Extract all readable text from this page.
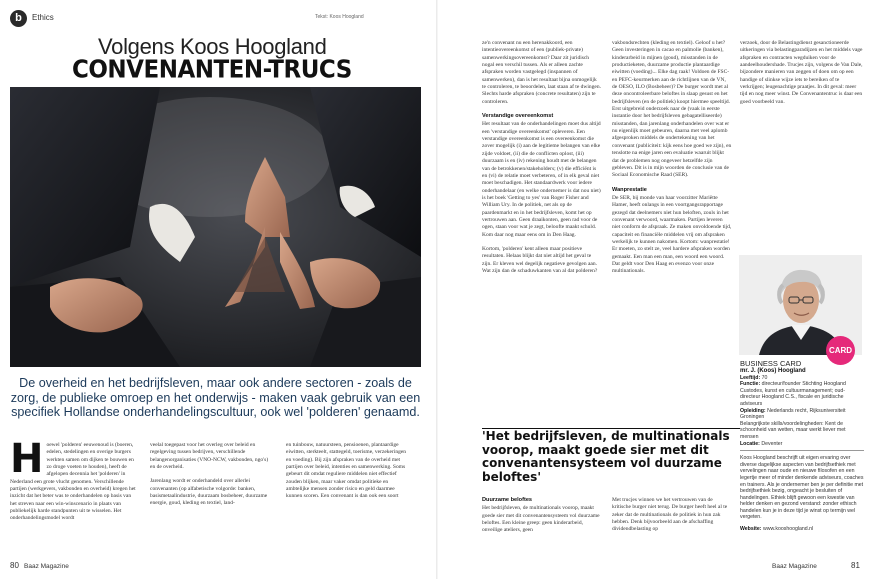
b	Ethics	Tekst: Koos Hoogland
Volgens Koos Hoogland
CONVENANTEN-TRUCS
De overheid en het bedrijfsleven, maar ook andere sectoren - zoals de zorg, de publieke omroep en het onderwijs - maken vaak gebruik van een specifiek Hollandse onderhandelingscultuur, ook wel 'polderen' genaamd.
H oewel 'polderen' eeuwenoud is (boeren, edelen, stedelingen en overige burgers werkten samen om dijken te bouwen en zo droge voeten te houden), heeft de afgelopen decennia het 'polderen' in Nederland een grote vlucht genomen. Verschillende partijen (werkgevers, vakbonden en overheid) kregen het inzicht dat het beter was te onderhandelen op basis van het streven naar een win-winscenario in plaats van publiekelijk harde standpunten uit te wisselen. Het onderhandelingsmodel wordt

veelal toegepast voor het overleg over beleid en regelgeving tussen bedrijven, verschillende belangenorganisaties (VNO-NCW, vakbonden, ngo's) en de overheid.

Jarenlang wordt er onderhandeld over allerlei convenanten (op alfabetische volgorde: banken, basismetaalindustrie, duurzaam bosbeheer, duurzame energie, goud, kleding en textiel, land-

en tuinbouw, natuursteen, pensioenen, plantaardige eiwitten, sterkteelt, stattegeld, toerisme, verzekeringen en voeding). Bij zijn afspraken van de overheid met partijen over beleid, intenties en samenwerking. Soms gebeurt dit omdat reguliere middelen niet effectief zouden blijken, maar vaker omdat politieke en ambtelijke mensen zonder risico en geld daarmee kunnen scoren. Een convenant is dan ook een soort

ze'n convenant nu een herenakkoord, een intentieovereenkomst of een (publiek-private) samenwerkingsovereenkomst? Daar zit juridisch nogal een verschil tussen. Als er alleen zachte afspraken worden vastgelegd (inspannen of samenwerken), dan is het resultaat bijna onmogelijk te controleren, te beoordelen, laat staan af te dwingen. Slechts harde afspraken (concrete resultaten) zijn te controleren.

Verstandige overeenkomst

Het resultaat van de onderhandelingen moet dus altijd een 'verstandige overeenkomst' opleveren. Een verstandige overeenkomst is een overeenkomst die zover mogelijk (i) aan de legitieme belangen van elke zijde voldoet, (ii) die de conflicten oplost, (iii) duurzaam is en (iv) rekening houdt met de belangen van de betrokkenen/stakeholders; (v) die efficiënt is en (vi) de relatie moet verbeteren, of in elk geval niet moet beschadigen. Het standaardwerk voor iedere onderhandelaar (en welke ondernemer is dat nou niet) is het boek 'Getting to yes' van Roger Fisher and William Ury. In de politiek, net als op de paardenmarkt en in het bedrijfsleven, komt het op vertrouwen aan. Geen draaikonten, geen rad voor de ogen, staan voor wat je zegt, beloofte maakt schuld. Kom daar nog maar eens om in Den Haag.

Kortom, 'polderen' kent alleen maar positieve resultaten. Helaas blijkt dat niet altijd het geval te zijn. Er kleven wel degelijk negatieve gevolgen aan. Wat zijn dan de schaduwkanten van al dat polderen?

vakbondsrechten (kleding en textiel). Geloof u het? Geen investeringen in cacao en palmolie (banken), kinderarbeid in mijnen (goud), misstanden in de productieketen, duurzame productie plantaardige eiwitten (voeding)... Elke dag raak! Voldoen de FSC- en PEFC-keurmerken aan de richtlijnen van de VN, de OESO, ILO (Bosbeheer)? De burger wordt met al deze oncontroleerbare beloftes in slaap gesust en het bedrijfsleven (en de politiek) koopt hiermee speeltijd. Erst uitgebreid onderzoek naar de (vaak in eerste instantie door het bedrijfsleven gebagatelliseerde) misstanden, dan jarenlang onderhandelen over wat er nu eigenlijk moet gebeuren, daarna met veel aplomb afgesproken middels de ondertekening van het convenant (publiciteit: kijk eens hoe goed we zijn), en tenslotte na enige jaren een evaluatie waaruit blijkt dat de problemen nog ongeveer hetzelfde zijn gebleven. Dit is in mijn woorden de conclusie van de Sociaal Economische Raad (SER).

Wanprestatie

De SER, bij monde van haar voorzitter Mariëtte Hamer, heeft onlangs in een voortgangsrapportage gezegd dat deelnemers niet hun beloften, zouls in het convenant verwoord, waarmaken. Partijen leveren niet conform de afspraak. Ze maken onvoldoende tijd, capaciteit en financiële middelen vrij om afspraken werkelijk te kunnen nakomen. Kortom: wanprestatie! Er moeten, zo stelt ze, veel hardere afspraken worden gemaakt. Een man een man, een woord een woord. Dat geldt voor Den Haag en evenzo voor onze multinationals.

verzoek, door de Belastingdienst gesanctioneerde uitkeringen via belastingparadijzen en het middels vage afspraken en contracten wegduiken voor de aandeelhoudershade. Trucjes zijn, volgens de Van Dale, bijzondere manieren van zeggen of doen om op een handige of slinkse wijze iets te bereiken of te verkrijgen; leugenachtige praatjes. In dit geval: meer tijd en nog meer winst. De Convenantentruc is daar een goed voorbeeld van.

'Het bedrijfsleven, de multinationals voorop, maakt goede sier met dit convenantensysteem vol duurzame beloftes'
Duurzame beloftes

Het bedrijfsleven, de multinationals voorop, maakt goede sier met dit convenantensysteem vol duurzame beloftes. Een kleine greep: geen kinderarbeid, onveilige ateliers, geen

Met trucjes winnen we het vertrouwen van de kritische burger niet terug. De burger heeft heel al te zeker dat de multinationals de politiek in hun zak hebben. Denk bijvoorbeeld aan de afschaffing dividendbelasting op

CARD
BUSINESS CARD
mr. J. (Koos) Hoogland
Leeftijd: 70
Functie: directeur/founder Stichting Hoogland Custodes, kunst en cultuurmanagement; oud-directeur Hoogland C.S., fiscale en juridische adviseurs
Opleiding: Nederlands recht, Rijksuniversiteit Groningen
Belangrijkste skills/voordelingheden: Kent de schoonheid van wetten, maar werkt liever met mensen
Locatie: Deventer
Koos Hoogland beschrijft uit eigen ervaring over diverse dagelijkse aspecten van bedrijfsethiek met vervelingen naar oude en nieuwe filosofen en een legertje meer of minder denkende adviseurs, coaches en trainers. Als je ondernemer ben je per definitie met bedrijfsethiek bezig, ongeacht je besluiten of handelingen. Ethiek blijft gewoon een kwestie van helder denken en gezond verstand: zonder ethisch handelen kun je in deze tijd je winst op termijn wel vergeten.
Website: www.kooshoogland.nl
80 Baaz Magazine	Baaz Magazine	81
